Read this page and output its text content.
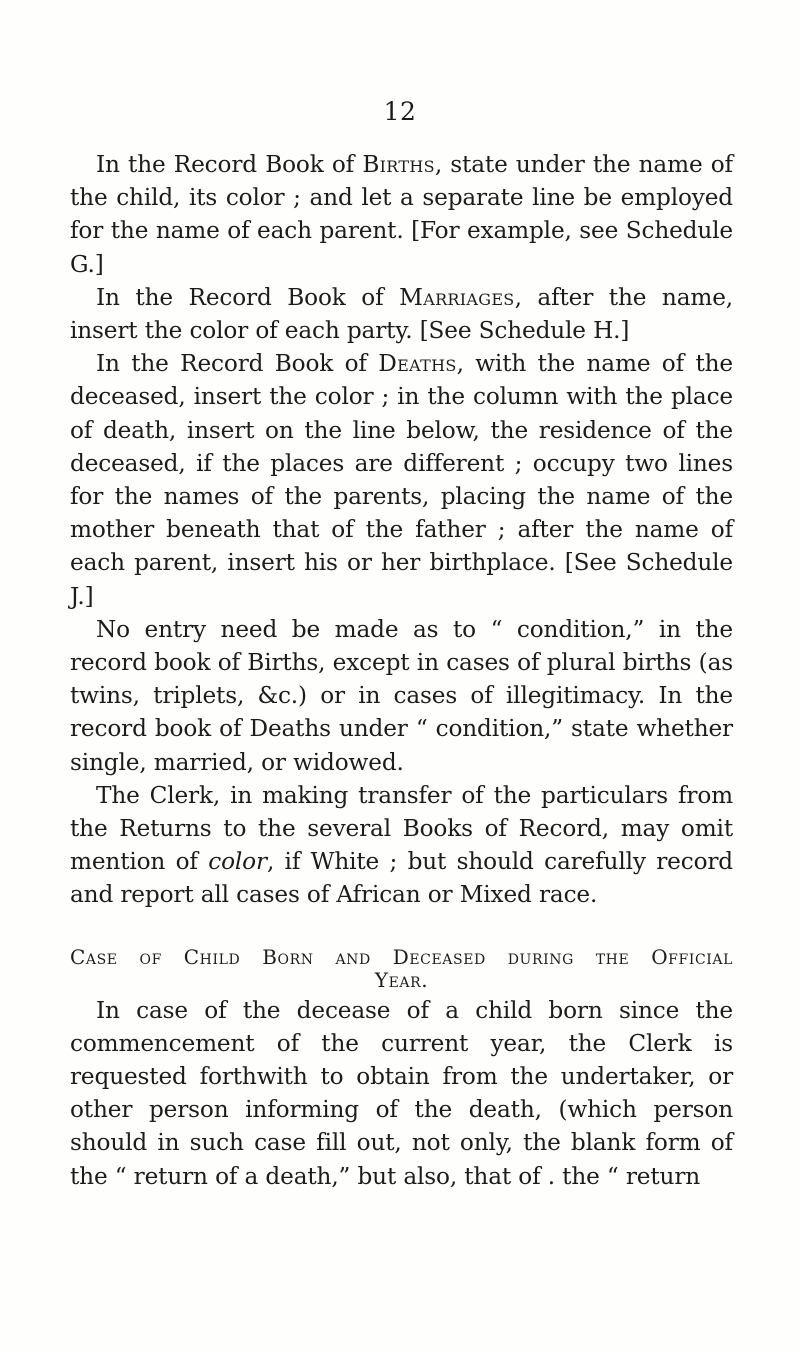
12

In the Record Book of Births, state under the name of the child, its color ; and let a separate line be employed for the name of each parent. [For example, see Schedule G.]

In the Record Book of Marriages, after the name, insert the color of each party. [See Schedule H.]

In the Record Book of Deaths, with the name of the deceased, insert the color ; in the column with the place of death, insert on the line below, the residence of the deceased, if the places are different ; occupy two lines for the names of the parents, placing the name of the mother beneath that of the father ; after the name of each parent, insert his or her birthplace. [See Schedule J.]

No entry need be made as to “ condition,” in the record book of Births, except in cases of plural births (as twins, triplets, &c.) or in cases of illegitimacy. In the record book of Deaths under “ condition,” state whether single, married, or widowed.

The Clerk, in making transfer of the particulars from the Returns to the several Books of Record, may omit mention of color, if White ; but should carefully record and report all cases of African or Mixed race.

Case of Child Born and Deceased during the Official
Year.

In case of the decease of a child born since the commencement of the current year, the Clerk is requested forthwith to obtain from the undertaker, or other person informing of the death, (which person should in such case fill out, not only, the blank form of the “ return of a death,” but also, that of . the “ return
